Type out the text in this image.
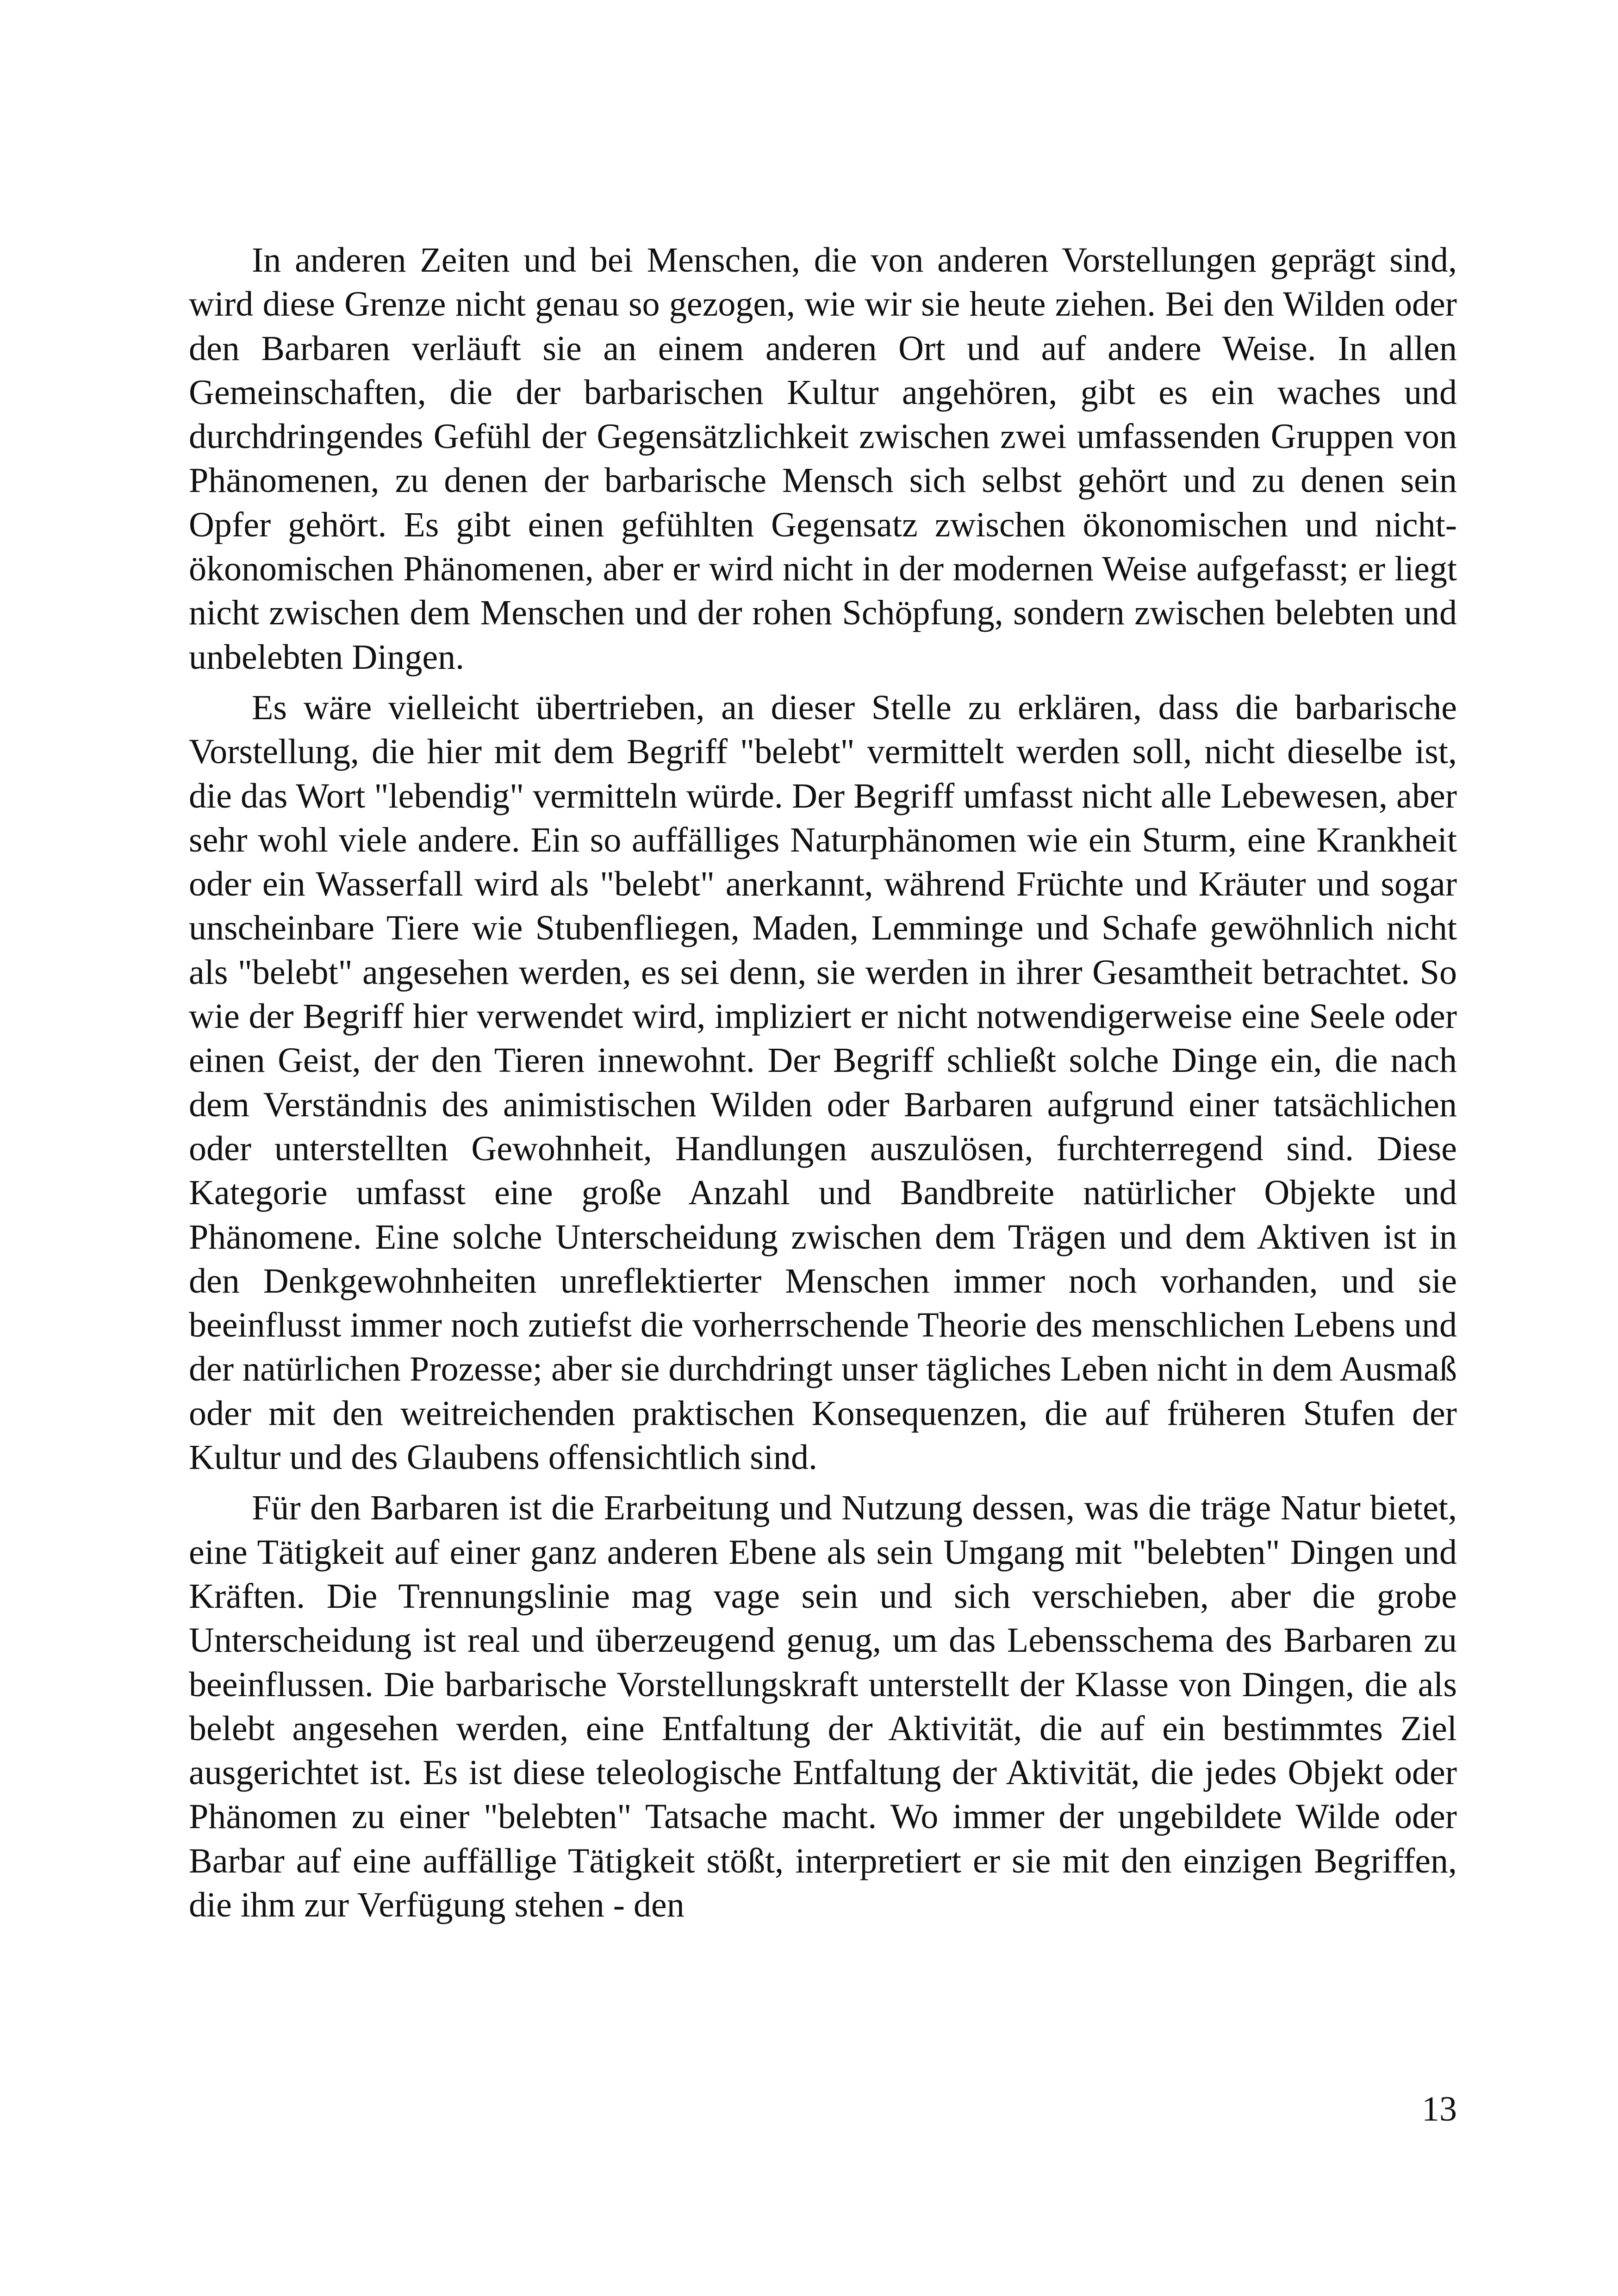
In anderen Zeiten und bei Menschen, die von anderen Vorstellungen geprägt sind, wird diese Grenze nicht genau so gezogen, wie wir sie heute ziehen. Bei den Wilden oder den Barbaren verläuft sie an einem anderen Ort und auf andere Weise. In allen Gemeinschaften, die der barbarischen Kultur angehören, gibt es ein waches und durchdringendes Gefühl der Gegensätzlichkeit zwischen zwei umfassenden Gruppen von Phänomenen, zu denen der barbarische Mensch sich selbst gehört und zu denen sein Opfer gehört. Es gibt einen gefühlten Gegensatz zwischen ökonomischen und nicht-ökonomischen Phänomenen, aber er wird nicht in der modernen Weise aufgefasst; er liegt nicht zwischen dem Menschen und der rohen Schöpfung, sondern zwischen belebten und unbelebten Dingen.

Es wäre vielleicht übertrieben, an dieser Stelle zu erklären, dass die barbarische Vorstellung, die hier mit dem Begriff "belebt" vermittelt werden soll, nicht dieselbe ist, die das Wort "lebendig" vermitteln würde. Der Begriff umfasst nicht alle Lebewesen, aber sehr wohl viele andere. Ein so auffälliges Naturphänomen wie ein Sturm, eine Krankheit oder ein Wasserfall wird als "belebt" anerkannt, während Früchte und Kräuter und sogar unscheinbare Tiere wie Stubenfliegen, Maden, Lemminge und Schafe gewöhnlich nicht als "belebt" angesehen werden, es sei denn, sie werden in ihrer Gesamtheit betrachtet. So wie der Begriff hier verwendet wird, impliziert er nicht notwendigerweise eine Seele oder einen Geist, der den Tieren innewohnt. Der Begriff schließt solche Dinge ein, die nach dem Verständnis des animistischen Wilden oder Barbaren aufgrund einer tatsächlichen oder unterstellten Gewohnheit, Handlungen auszulösen, furchterregend sind. Diese Kategorie umfasst eine große Anzahl und Bandbreite natürlicher Objekte und Phänomene. Eine solche Unterscheidung zwischen dem Trägen und dem Aktiven ist in den Denkgewohnheiten unreflektierter Menschen immer noch vorhanden, und sie beeinflusst immer noch zutiefst die vorherrschende Theorie des menschlichen Lebens und der natürlichen Prozesse; aber sie durchdringt unser tägliches Leben nicht in dem Ausmaß oder mit den weitreichenden praktischen Konsequenzen, die auf früheren Stufen der Kultur und des Glaubens offensichtlich sind.

Für den Barbaren ist die Erarbeitung und Nutzung dessen, was die träge Natur bietet, eine Tätigkeit auf einer ganz anderen Ebene als sein Umgang mit "belebten" Dingen und Kräften. Die Trennungslinie mag vage sein und sich verschieben, aber die grobe Unterscheidung ist real und überzeugend genug, um das Lebensschema des Barbaren zu beeinflussen. Die barbarische Vorstellungskraft unterstellt der Klasse von Dingen, die als belebt angesehen werden, eine Entfaltung der Aktivität, die auf ein bestimmtes Ziel ausgerichtet ist. Es ist diese teleologische Entfaltung der Aktivität, die jedes Objekt oder Phänomen zu einer "belebten" Tatsache macht. Wo immer der ungebildete Wilde oder Barbar auf eine auffällige Tätigkeit stößt, interpretiert er sie mit den einzigen Begriffen, die ihm zur Verfügung stehen - den

13
